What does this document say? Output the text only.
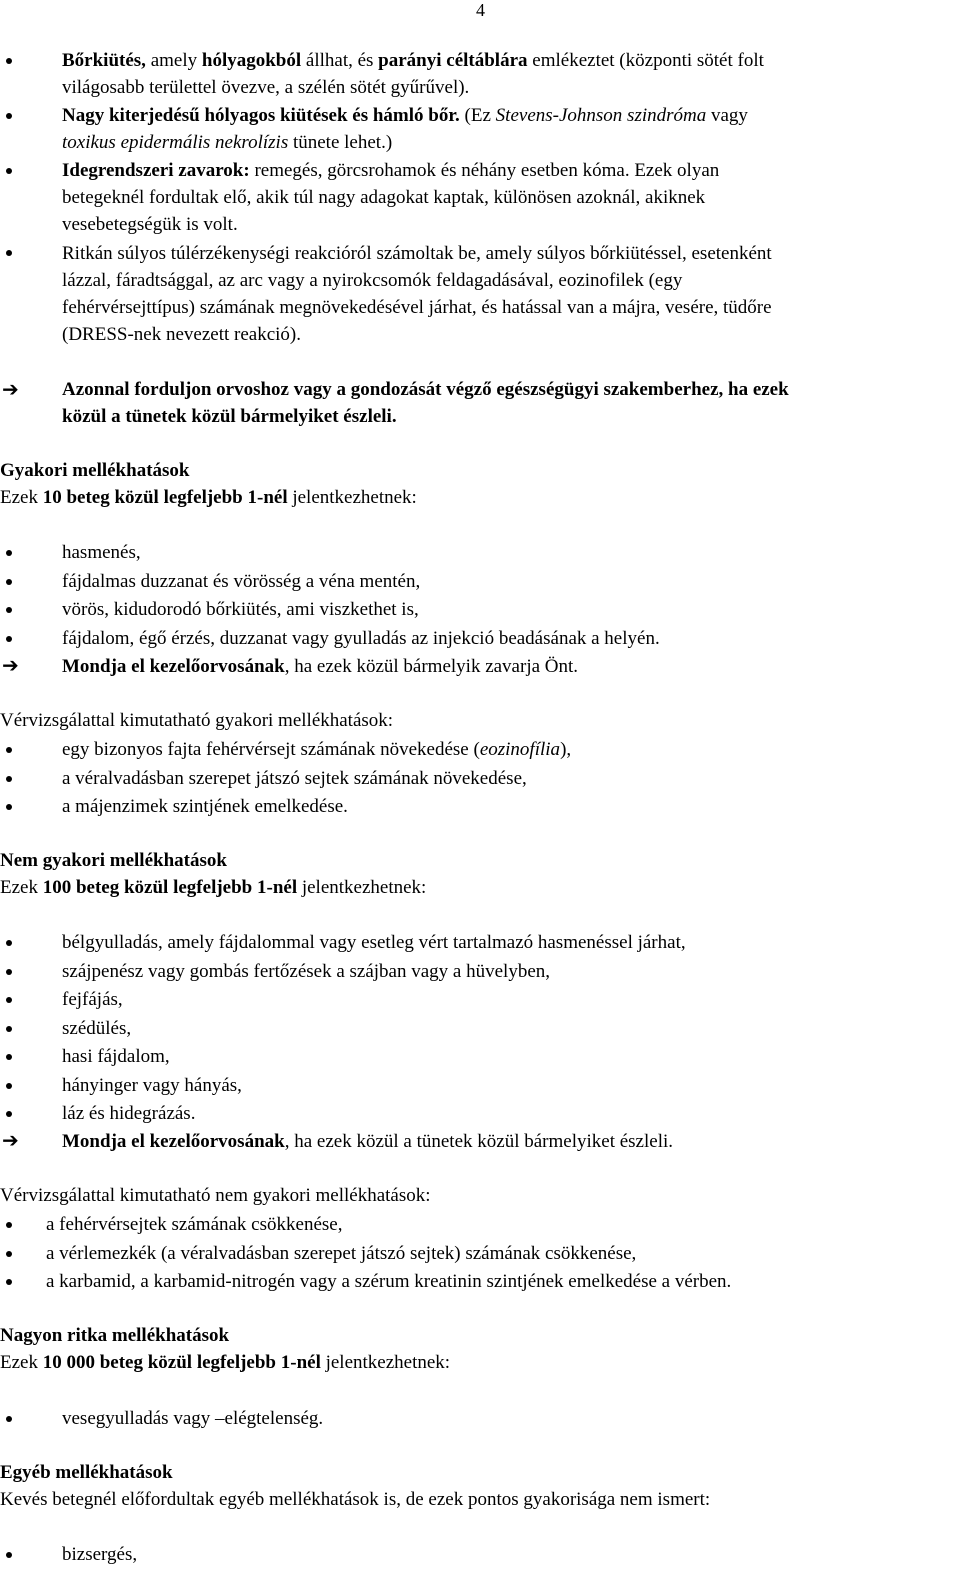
4
Bőrkiütés, amely hólyagokból állhat, és parányi céltáblára emlékeztet (központi sötét folt
világosabb területtel övezve, a szélén sötét gyűrűvel).
Nagy kiterjedésű hólyagos kiütések és hámló bőr. (Ez Stevens-Johnson szindróma vagy
toxikus epidermális nekrolízis tünete lehet.)
Idegrendszeri zavarok: remegés, görcsrohamok és néhány esetben kóma. Ezek olyan
betegeknél fordultak elő, akik túl nagy adagokat kaptak, különösen azoknál, akiknek
vesebetegségük is volt.
Ritkán súlyos túlérzékenységi reakcióról számoltak be, amely súlyos bőrkiütéssel, esetenként
lázzal, fáradtsággal, az arc vagy a nyirokcsomók feldagadásával, eozinofilek (egy
fehérvérsejttípus) számának megnövekedésével járhat, és hatással van a májra, vesére, tüdőre
(DRESS-nek nevezett reakció).
➔ Azonnal forduljon orvoshoz vagy a gondozását végző egészségügyi szakemberhez, ha ezek
közül a tünetek közül bármelyiket észleli.
Gyakori mellékhatások
Ezek 10 beteg közül legfeljebb 1-nél jelentkezhetnek:
hasmenés,
fájdalmas duzzanat és vörösség a véna mentén,
vörös, kidudorodó bőrkiütés, ami viszkethet is,
fájdalom, égő érzés, duzzanat vagy gyulladás az injekció beadásának a helyén.
➔ Mondja el kezelőorvosának, ha ezek közül bármelyik zavarja Önt.
Vérvizsgálattal kimutatható gyakori mellékhatások:
egy bizonyos fajta fehérvérsejt számának növekedése (eozinofília),
a véralvadásban szerepet játszó sejtek számának növekedése,
a májenzimek szintjének emelkedése.
Nem gyakori mellékhatások
Ezek 100 beteg közül legfeljebb 1-nél jelentkezhetnek:
bélgyulladás, amely fájdalommal vagy esetleg vért tartalmazó hasmenéssel járhat,
szájpenész vagy gombás fertőzések a szájban vagy a hüvelyben,
fejfájás,
szédülés,
hasi fájdalom,
hányinger vagy hányás,
láz és hidegrázás.
➔ Mondja el kezelőorvosának, ha ezek közül a tünetek közül bármelyiket észleli.
Vérvizsgálattal kimutatható nem gyakori mellékhatások:
a fehérvérsejtek számának csökkenése,
a vérlemezkék (a véralvadásban szerepet játszó sejtek) számának csökkenése,
a karbamid, a karbamid-nitrogén vagy a szérum kreatinin szintjének emelkedése a vérben.
Nagyon ritka mellékhatások
Ezek 10 000 beteg közül legfeljebb 1-nél jelentkezhetnek:
vesegyulladás vagy –elégtelenség.
Egyéb mellékhatások
Kevés betegnél előfordultak egyéb mellékhatások is, de ezek pontos gyakorisága nem ismert:
bizsergés,
